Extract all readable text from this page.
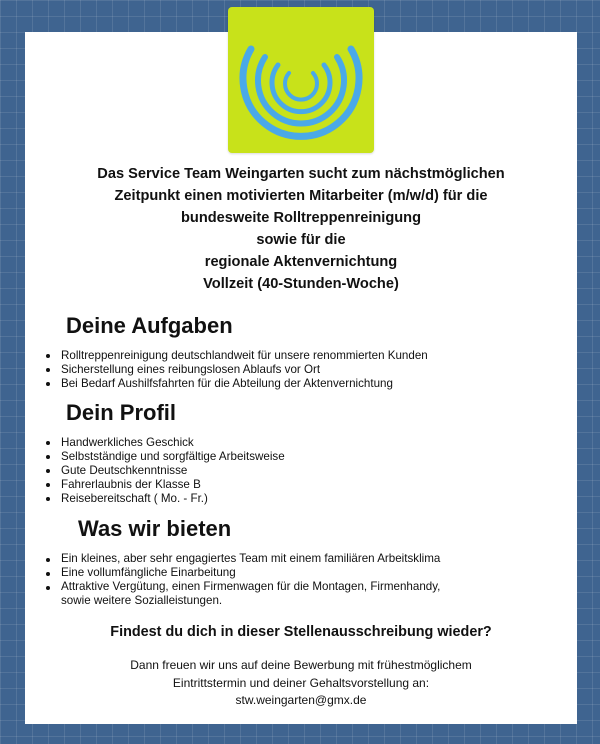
Das Service Team Weingarten sucht zum nächstmöglichen
Zeitpunkt einen motivierten Mitarbeiter (m/w/d) für die
bundesweite Rolltreppenreinigung
sowie für die
regionale Aktenvernichtung
Vollzeit (40-Stunden-Woche)
Deine Aufgaben
Rolltreppenreinigung deutschlandweit für unsere renommierten Kunden
Sicherstellung eines reibungslosen Ablaufs vor Ort
Bei Bedarf Aushilfsfahrten für die Abteilung der Aktenvernichtung
Dein Profil
Handwerkliches Geschick
Selbstständige und sorgfältige Arbeitsweise
Gute Deutschkenntnisse
Fahrerlaubnis der Klasse B
Reisebereitschaft ( Mo. - Fr.)
Was wir bieten
Ein kleines, aber sehr engagiertes Team mit einem familiären Arbeitsklima
Eine vollumfängliche Einarbeitung
Attraktive Vergütung, einen Firmenwagen für die Montagen, Firmenhandy,
sowie weitere Sozialleistungen.
Findest du dich in dieser Stellenausschreibung wieder?
Dann freuen wir uns auf deine Bewerbung mit frühestmöglichem
Eintrittstermin und deiner Gehaltsvorstellung an:
stw.weingarten@gmx.de
